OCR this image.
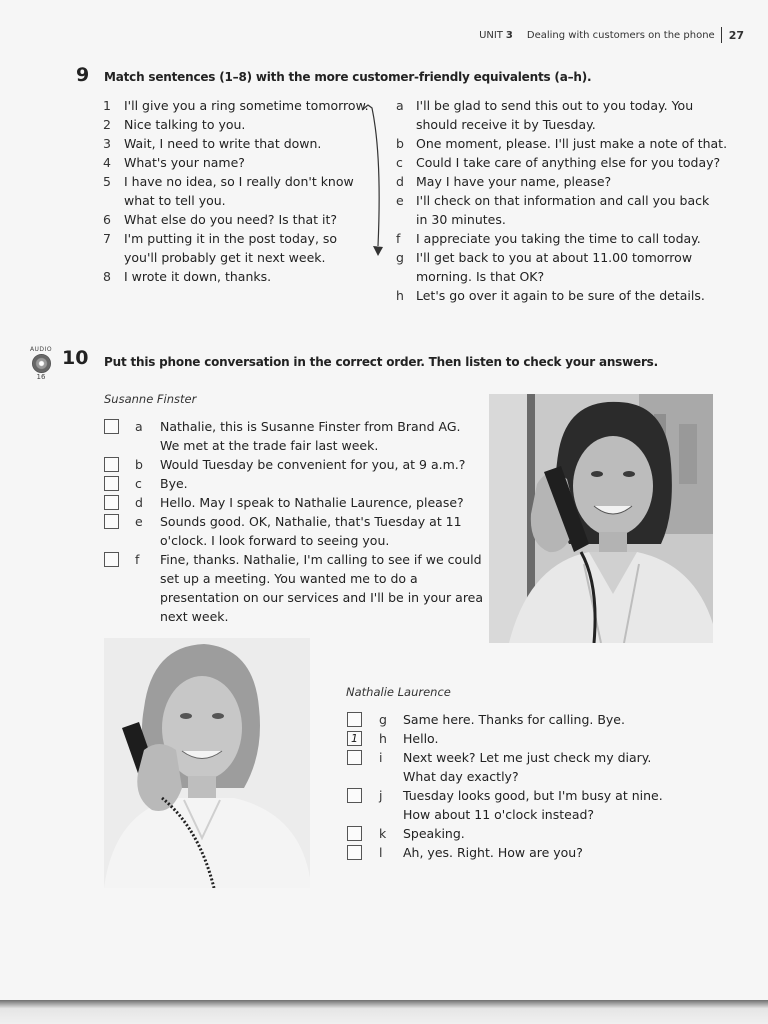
UNIT 3 Dealing with customers on the phone 27
9 Match sentences (1–8) with the more customer-friendly equivalents (a–h).
1 I'll give you a ring sometime tomorrow.
2 Nice talking to you.
3 Wait, I need to write that down.
4 What's your name?
5 I have no idea, so I really don't know
what to tell you.
6 What else do you need? Is that it?
7 I'm putting it in the post today, so
you'll probably get it next week.
8 I wrote it down, thanks.
a I'll be glad to send this out to you today. You
should receive it by Tuesday.
b One moment, please. I'll just make a note of that.
c Could I take care of anything else for you today?
d May I have your name, please?
e I'll check on that information and call you back
in 30 minutes.
f I appreciate you taking the time to call today.
g I'll get back to you at about 11.00 tomorrow
morning. Is that OK?
h Let's go over it again to be sure of the details.
AUDIO
16
10 Put this phone conversation in the correct order. Then listen to check your answers.
Susanne Finster
a Nathalie, this is Susanne Finster from Brand AG.
We met at the trade fair last week.
b Would Tuesday be convenient for you, at 9 a.m.?
c Bye.
d Hello. May I speak to Nathalie Laurence, please?
e Sounds good. OK, Nathalie, that's Tuesday at 11
o'clock. I look forward to seeing you.
f Fine, thanks. Nathalie, I'm calling to see if we could
set up a meeting. You wanted me to do a
presentation on our services and I'll be in your area
next week.
Nathalie Laurence
g Same here. Thanks for calling. Bye.
1	h Hello.
i Next week? Let me just check my diary.
What day exactly?
j Tuesday looks good, but I'm busy at nine.
How about 11 o'clock instead?
k Speaking.
l Ah, yes. Right. How are you?
